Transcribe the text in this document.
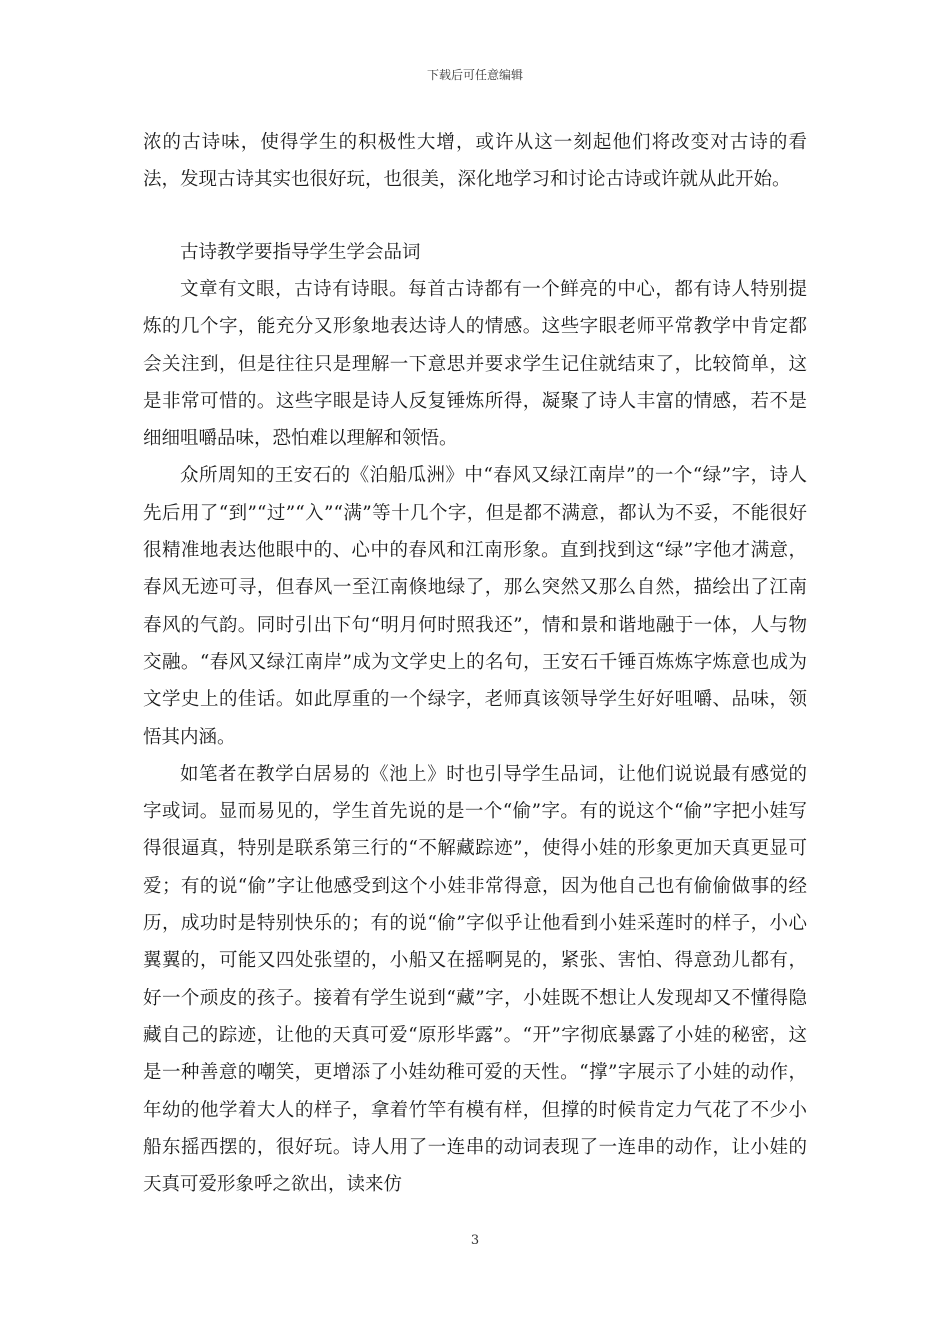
下载后可任意编辑

浓的古诗味，使得学生的积极性大增，或许从这一刻起他们将改变对古诗的看法，发现古诗其实也很好玩，也很美，深化地学习和讨论古诗或许就从此开始。

古诗教学要指导学生学会品词

文章有文眼，古诗有诗眼。每首古诗都有一个鲜亮的中心，都有诗人特别提炼的几个字，能充分又形象地表达诗人的情感。这些字眼老师平常教学中肯定都会关注到，但是往往只是理解一下意思并要求学生记住就结束了，比较简单，这是非常可惜的。这些字眼是诗人反复锤炼所得，凝聚了诗人丰富的情感，若不是细细咀嚼品味，恐怕难以理解和领悟。

众所周知的王安石的《泊船瓜洲》中“春风又绿江南岸”的一个“绿”字，诗人先后用了“到”“过”“入”“满”等十几个字，但是都不满意，都认为不妥，不能很好很精准地表达他眼中的、心中的春风和江南形象。直到找到这“绿”字他才满意，春风无迹可寻，但春风一至江南倏地绿了，那么突然又那么自然，描绘出了江南春风的气韵。同时引出下句“明月何时照我还”，情和景和谐地融于一体，人与物交融。“春风又绿江南岸”成为文学史上的名句，王安石千锤百炼炼字炼意也成为文学史上的佳话。如此厚重的一个绿字，老师真该领导学生好好咀嚼、品味，领悟其内涵。

如笔者在教学白居易的《池上》时也引导学生品词，让他们说说最有感觉的字或词。显而易见的，学生首先说的是一个“偷”字。有的说这个“偷”字把小娃写得很逼真，特别是联系第三行的“不解藏踪迹”，使得小娃的形象更加天真更显可爱；有的说“偷”字让他感受到这个小娃非常得意，因为他自己也有偷偷做事的经历，成功时是特别快乐的；有的说“偷”字似乎让他看到小娃采莲时的样子，小心翼翼的，可能又四处张望的，小船又在摇啊晃的，紧张、害怕、得意劲儿都有，好一个顽皮的孩子。接着有学生说到“藏”字，小娃既不想让人发现却又不懂得隐藏自己的踪迹，让他的天真可爱“原形毕露”。“开”字彻底暴露了小娃的秘密，这是一种善意的嘲笑，更增添了小娃幼稚可爱的天性。“撑”字展示了小娃的动作，年幼的他学着大人的样子，拿着竹竿有模有样，但撑的时候肯定力气花了不少小船东摇西摆的，很好玩。诗人用了一连串的动词表现了一连串的动作，让小娃的天真可爱形象呼之欲出，读来仿

3
